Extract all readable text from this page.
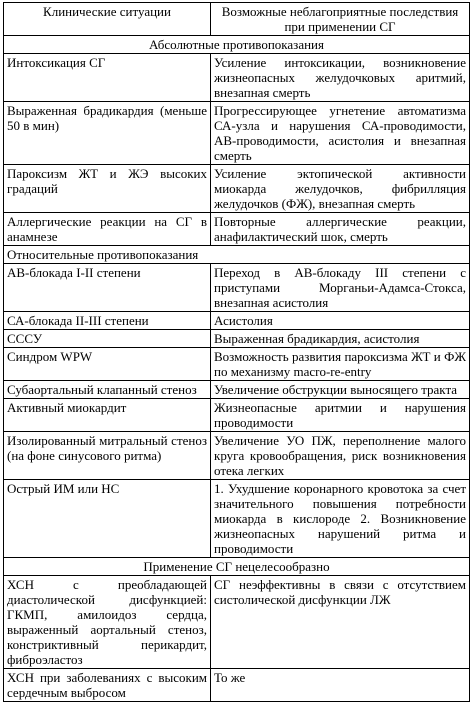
Клинические ситуации	Возможные неблагоприятные последствия при применении СГ
Абсолютные противопоказания	
Интоксикация СГ	Усиление интоксикации, возникновение жизнеопасных желудочковых аритмий, внезапная смерть
Выраженная брадикардия (меньше 50 в мин)	Прогрессирующее угнетение автоматизма СА-узла и нарушения СА-проводимости, АВ-проводимости, асистолия и внезапная смерть
Пароксизм ЖТ и ЖЭ высоких градаций	Усиление эктопической активности миокарда желудочков, фибрилляция желудочков (ФЖ), внезапная смерть
Аллергические реакции на СГ в анамнезе	Повторные аллергические реакции, анафилактический шок, смерть
Относительные противопоказания	
АВ-блокада I-II степени	Переход в АВ-блокаду III степени с приступами Морганьи-Адамса-Стокса, внезапная асистолия
СА-блокада II-III степени	Асистолия
СССУ	Выраженная брадикардия, асистолия
Синдром WPW	Возможность развития пароксизма ЖТ и ФЖ по механизму macro-re-entry
Субаортальный клапанный стеноз	Увеличение обструкции выносящего тракта
Активный миокардит	Жизнеопасные аритмии и нарушения проводимости
Изолированный митральный стеноз (на фоне синусового ритма)	Увеличение УО ПЖ, переполнение малого круга кровообращения, риск возникновения отека легких
Острый ИМ или НС	1. Ухудшение коронарного кровотока за счет значительного повышения потребности миокарда в кислороде 2. Возникновение жизнеопасных нарушений ритма и проводимости
Применение СГ нецелесообразно	
ХСН с преобладающей диастолической дисфункцией: ГКМП, амилоидоз сердца, выраженный аортальный стеноз, констриктивный перикардит, фиброэластоз	СГ неэффективны в связи с отсутствием систолической дисфункции ЛЖ
ХСН при заболеваниях с высоким сердечным выбросом	То же
